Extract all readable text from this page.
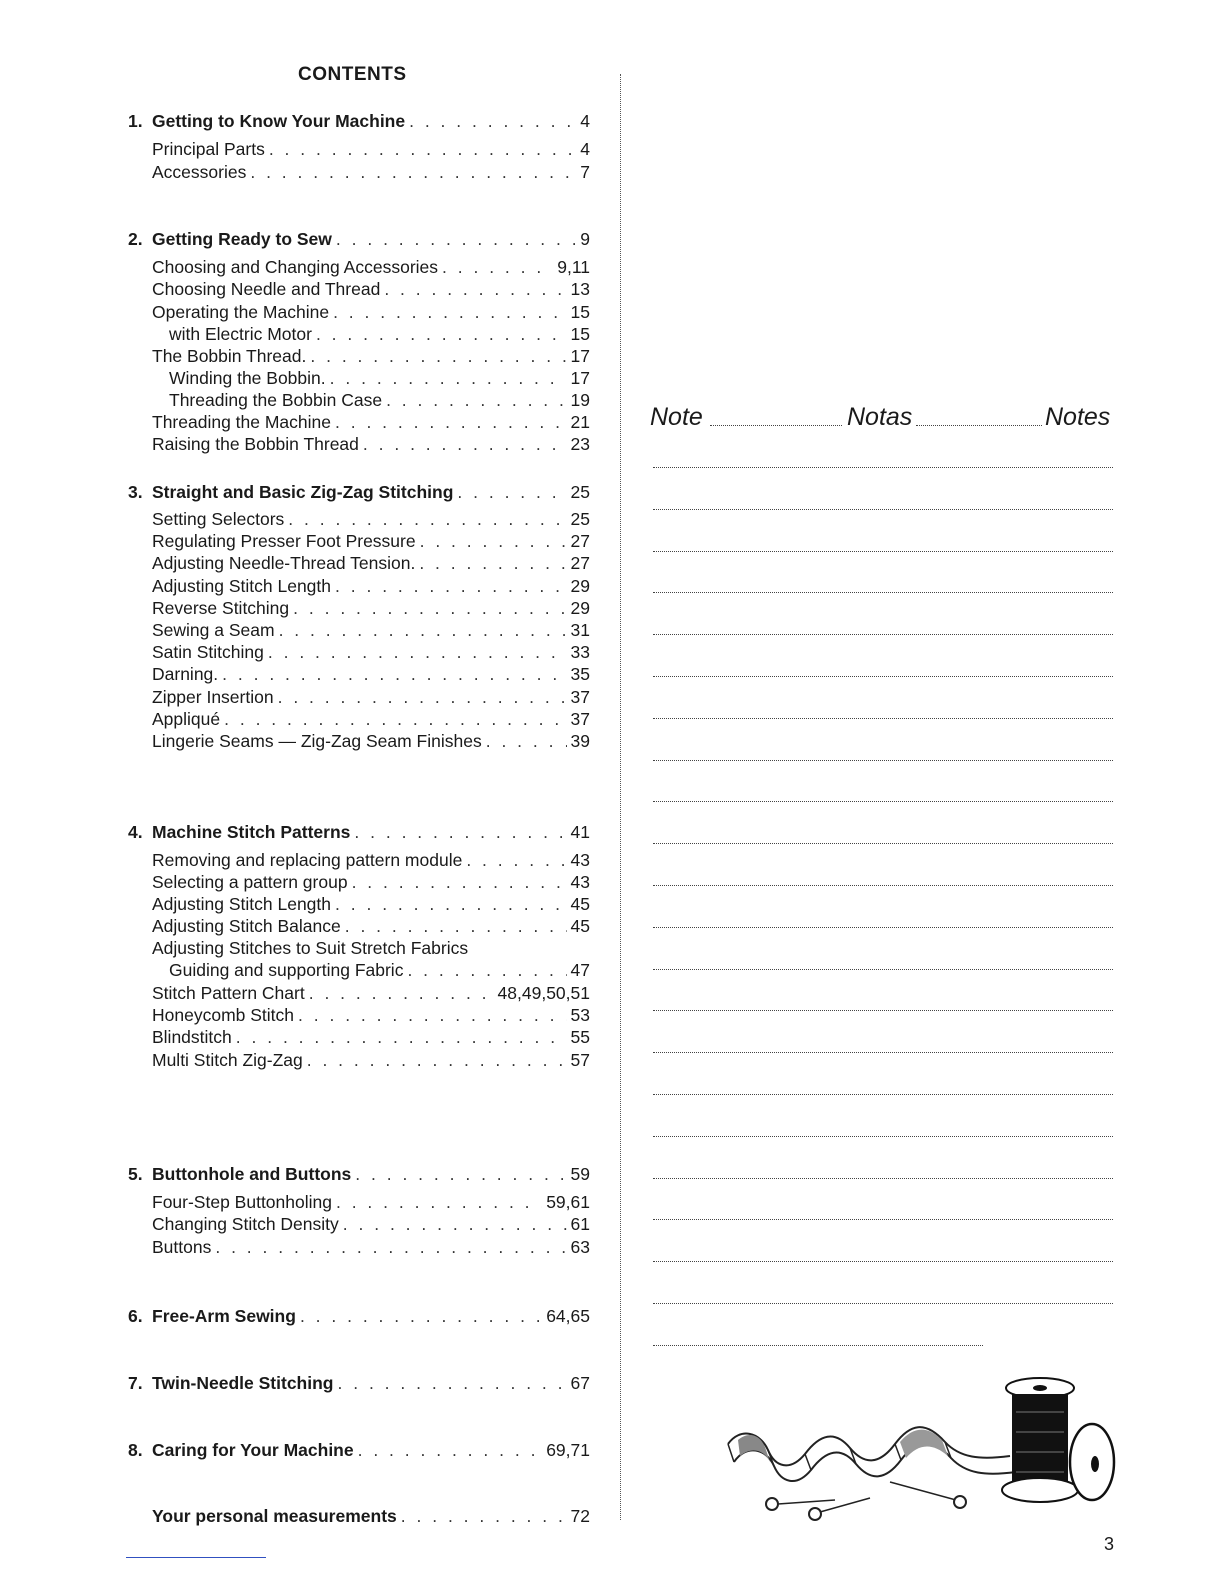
CONTENTS
1. Getting to Know Your Machine . . .	4
Principal Parts . . .	4
Accessories . . .	7
2. Getting Ready to Sew . . .	9
Choosing and Changing Accessories . . .	9,11
Choosing Needle and Thread . . .	13
Operating the Machine . . .	15
with Electric Motor . . .	15
The Bobbin Thread. . . .	17
Winding the Bobbin. . . .	17
Threading the Bobbin Case . . .	19
Threading the Machine . . .	21
Raising the Bobbin Thread . . .	23
3. Straight and Basic Zig-Zag Stitching . . .	25
Setting Selectors . . .	25
Regulating Presser Foot Pressure . . .	27
Adjusting Needle-Thread Tension. . . .	27
Adjusting Stitch Length . . .	29
Reverse Stitching . . .	29
Sewing a Seam . . .	31
Satin Stitching . . .	33
Darning. . . .	35
Zipper Insertion . . .	37
Appliqué . . .	37
Lingerie Seams — Zig-Zag Seam Finishes . . .	39
4. Machine Stitch Patterns . . .	41
Removing and replacing pattern module . . .	43
Selecting a pattern group . . .	43
Adjusting Stitch Length . . .	45
Adjusting Stitch Balance . . .	45
Adjusting Stitches to Suit Stretch Fabrics
Guiding and supporting Fabric . . .	47
Stitch Pattern Chart . . .	48,49,50,51
Honeycomb Stitch . . .	53
Blindstitch . . .	55
Multi Stitch Zig-Zag . . .	57
5. Buttonhole and Buttons . . .	59
Four-Step Buttonholing . . .	59,61
Changing Stitch Density . . .	61
Buttons . . .	63
6. Free-Arm Sewing . . .	64,65
7. Twin-Needle Stitching . . .	67
8. Caring for Your Machine . . .	69,71
Your personal measurements . . .	72
Note	Notas	Notes
3
